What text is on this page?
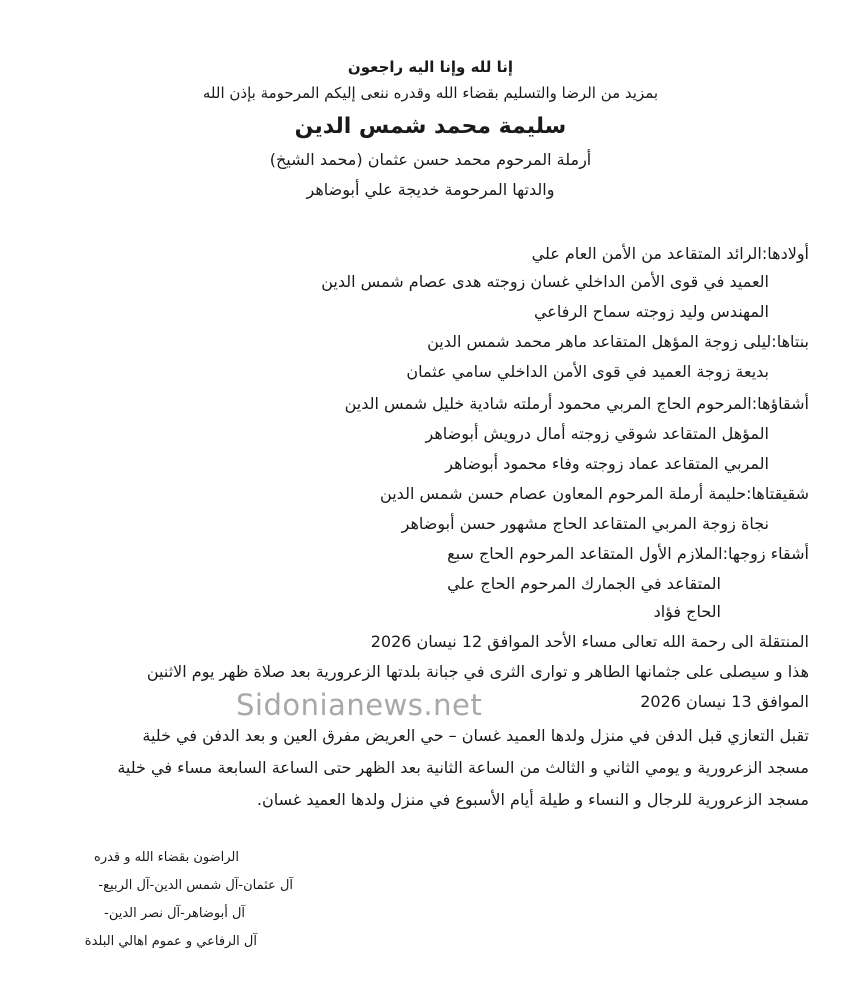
إنا لله وإنا اليه راجعون
بمزيد من الرضا والتسليم بقضاء الله وقدره ننعى إليكم المرحومة بإذن الله
سليمة محمد شمس الدين
أرملة المرحوم محمد حسن عثمان (محمد الشيخ)
والدتها المرحومة خديجة علي أبوضاهر
أولادها:الرائد المتقاعد من الأمن العام علي
العميد في قوى الأمن الداخلي غسان زوجته هدى عصام شمس الدين
المهندس وليد زوجته سماح الرفاعي
بنتاها:ليلى زوجة المؤهل المتقاعد ماهر محمد شمس الدين
بديعة زوجة العميد في قوى الأمن الداخلي سامي عثمان
أشقاؤها:المرحوم الحاج المربي محمود أرملته شادية خليل شمس الدين
المؤهل المتقاعد شوقي زوجته أمال درويش أبوضاهر
المربي المتقاعد عماد زوجته وفاء محمود أبوضاهر
شقيقتاها:حليمة أرملة المرحوم المعاون عصام حسن شمس الدين
نجاة زوجة المربي المتقاعد الحاج مشهور حسن أبوضاهر
أشقاء زوجها:الملازم الأول المتقاعد المرحوم الحاج سبع
المتقاعد في الجمارك المرحوم الحاج علي
الحاج فؤاد
المنتقلة الى رحمة الله تعالى مساء الأحد الموافق 12 نيسان 2026
هذا و سيصلى على جثمانها الطاهر و توارى الثرى في جبانة بلدتها الزعرورية بعد صلاة ظهر يوم الاثنين
الموافق 13 نيسان 2026
Sidonianews.net
تقبل التعازي قبل الدفن في منزل ولدها العميد غسان – حي العريض مفرق العين و بعد الدفن في خلية
مسجد الزعرورية و يومي الثاني و الثالث من الساعة الثانية بعد الظهر حتى الساعة السابعة مساء في خلية
مسجد الزعرورية للرجال و النساء و طيلة أيام الأسبوع في منزل ولدها العميد غسان.
الراضون بقضاء الله و قدره
آل عثمان-آل شمس الدين-آل الربيع-
آل أبوضاهر-آل نصر الدين-
آل الرفاعي و عموم اهالي البلدة
